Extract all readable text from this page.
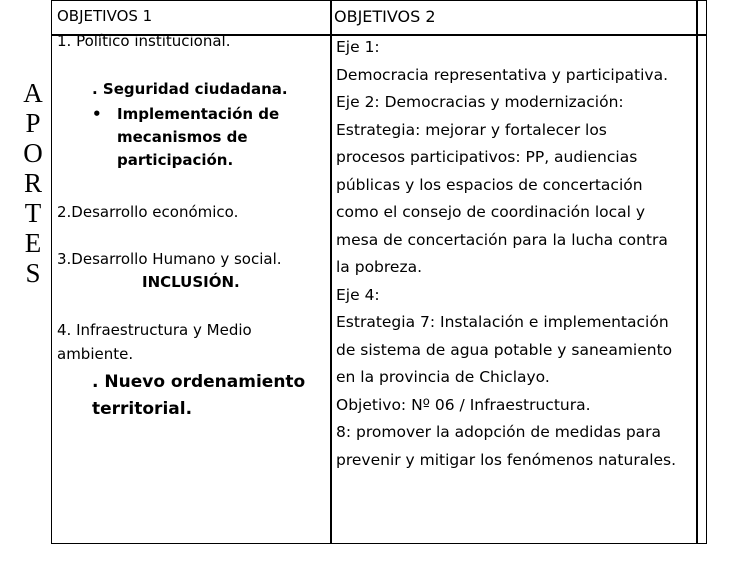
A
P
O
R
T
E
S
OBJETIVOS 1
1. Político institucional.
. Seguridad ciudadana.
• Implementación de
mecanismos de
participación.
2.Desarrollo económico.
3.Desarrollo Humano y social.
INCLUSIÓN.
4. Infraestructura y Medio
ambiente.
. Nuevo ordenamiento
territorial.
OBJETIVOS 2
Eje 1:
Democracia representativa y participativa.
Eje 2: Democracias y modernización:
Estrategia: mejorar y fortalecer los
procesos participativos: PP, audiencias
públicas y los espacios de concertación
como el consejo de coordinación local y
mesa de concertación para la lucha contra
la pobreza.
Eje 4:
Estrategia 7: Instalación e implementación
de sistema de agua potable y saneamiento
en la provincia de Chiclayo.
Objetivo: Nº 06 / Infraestructura.
8: promover la adopción de medidas para
prevenir y mitigar los fenómenos naturales.
